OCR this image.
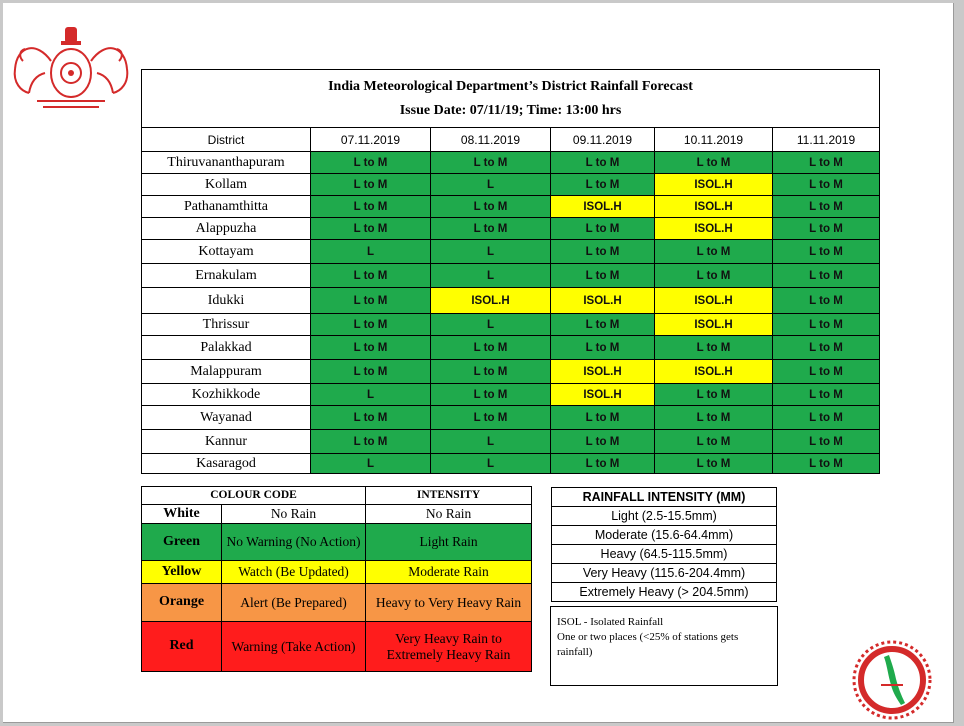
India Meteorological Department’s District Rainfall Forecast
Issue Date: 07/11/19; Time: 13:00 hrs					

District	07.11.2019	08.11.2019	09.11.2019	10.11.2019	11.11.2019
Thiruvananthapuram	L to M	L to M	L to M	L to M	L to M
Kollam	L to M	L	L to M	ISOL.H	L to M
Pathanamthitta	L to M	L to M	ISOL.H	ISOL.H	L to M
Alappuzha	L to M	L to M	L to M	ISOL.H	L to M
Kottayam	L	L	L to M	L to M	L to M
Ernakulam	L to M	L	L to M	L to M	L to M
Idukki	L to M	ISOL.H	ISOL.H	ISOL.H	L to M
Thrissur	L to M	L	L to M	ISOL.H	L to M
Palakkad	L to M	L to M	L to M	L to M	L to M
Malappuram	L to M	L to M	ISOL.H	ISOL.H	L to M
Kozhikkode	L	L to M	ISOL.H	L to M	L to M
Wayanad	L to M	L to M	L to M	L to M	L to M
Kannur	L to M	L	L to M	L to M	L to M
Kasaragod	L	L	L to M	L to M	L to M
COLOUR CODE		INTENSITY
White	No Rain	No Rain
Green	No Warning (No Action)	Light Rain
Yellow	Watch (Be Updated)	Moderate Rain
Orange	Alert (Be Prepared)	Heavy to Very Heavy Rain
Red	Warning (Take Action)	Very Heavy Rain to Extremely Heavy Rain
RAINFALL INTENSITY (MM)
Light (2.5-15.5mm)
Moderate (15.6-64.4mm)
Heavy (64.5-115.5mm)
Very Heavy (115.6-204.4mm)
Extremely Heavy (> 204.5mm)
ISOL - Isolated Rainfall
One or two places (<25% of stations gets rainfall)
